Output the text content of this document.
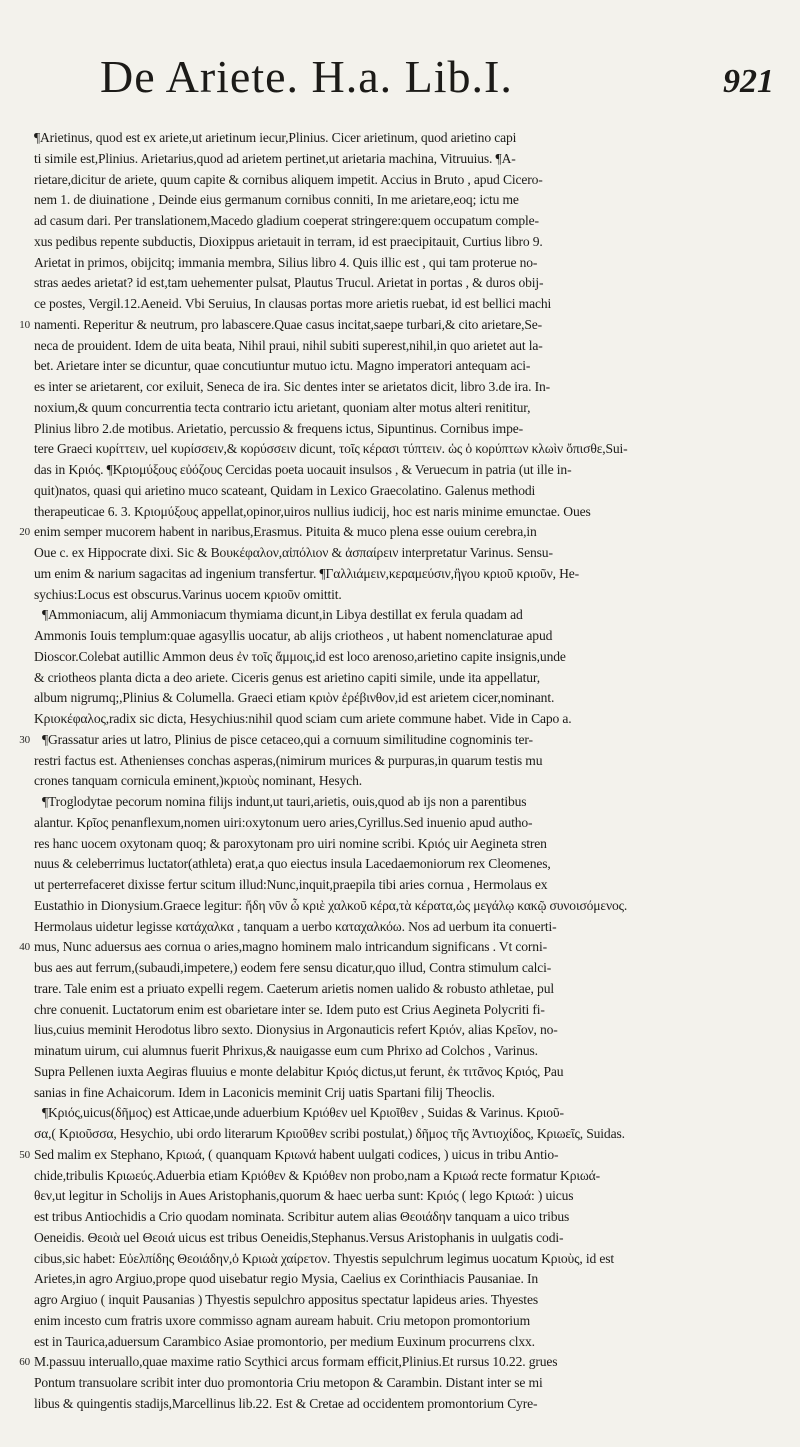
De Ariete. H.a. Lib.I.	921
¶Arietinus, quod est ex ariete,ut arietinum iecur,Plinius. Cicer arietinum, quod arietino capi
ti simile est,Plinius. Arietarius,quod ad arietem pertinet,ut arietaria machina, Vitruuius. ¶A-
rietare,dicitur de ariete, quum capite & cornibus aliquem impetit. Accius in Bruto , apud Cicero-
nem 1. de diuinatione , Deinde eius germanum cornibus conniti, In me arietare,eoq; ictu me
ad casum dari. Per translationem,Macedo gladium coeperat stringere:quem occupatum comple-
xus pedibus repente subductis, Dioxippus arietauit in terram, id est praecipitauit, Curtius libro 9.
Arietat in primos, obijcitq; immania membra, Silius libro 4. Quis illic est , qui tam proterue no-
stras aedes arietat? id est,tam uehementer pulsat, Plautus Trucul. Arietat in portas , & duros obij-
ce postes, Vergil.12.Aeneid. Vbi Seruius, In clausas portas more arietis ruebat, id est bellici machi
10 namenti. Reperitur & neutrum, pro labascere.Quae casus incitat,saepe turbari,& cito arietare,Se-
neca de prouident. Idem de uita beata, Nihil praui, nihil subiti superest,nihil,in quo arietet aut la-
bet. Arietare inter se dicuntur, quae concutiuntur mutuo ictu. Magno imperatori antequam aci-
es inter se arietarent, cor exiluit, Seneca de ira. Sic dentes inter se arietatos dicit, libro 3.de ira. In-
noxium,& quum concurrentia tecta contrario ictu arietant, quoniam alter motus alteri renititur,
Plinius libro 2.de motibus. Arietatio, percussio & frequens ictus, Sipuntinus. Cornibus impe-
tere Graeci κυρίττειν, uel κυρίσσειν,& κορύσσειν dicunt, τοῖς κέρασι τύπτειν. ὡς ὁ κορύπτων κλωὶν ὄπισθε,Sui-
das in Κριός. ¶Κριομύξους εὐόζους Cercidas poeta uocauit insulsos , & Veruecum in patria (ut ille in-
quit)natos, quasi qui arietino muco scateant, Quidam in Lexico Graecolatino. Galenus methodi
therapeuticae 6. 3. Κριομύξους appellat,opinor,uiros nullius iudicij, hoc est naris minime emunctae. Oues
20 enim semper mucorem habent in naribus,Erasmus. Pituita & muco plena esse ouium cerebra,in
Oue c. ex Hippocrate dixi. Sic & Βουκέφαλον,αἰπόλιον & ἀσπαίρειν interpretatur Varinus. Sensu-
um enim & narium sagacitas ad ingenium transfertur. ¶Γαλλιάμειν,κεραμεύσιν,ἢγου κριοῦ κριοῦν, He-
sychius:Locus est obscurus.Varinus uocem κριοῦν omittit.
¶Ammoniacum, alij Ammoniacum thymiama dicunt,in Libya destillat ex ferula quadam ad
Ammonis Iouis templum:quae agasyllis uocatur, ab alijs criotheos , ut habent nomenclaturae apud
Dioscor.Colebat autillic Ammon deus ἐν τοῖς ἄμμοις,id est loco arenoso,arietino capite insignis,unde
& criotheos planta dicta a deo ariete. Ciceris genus est arietino capiti simile, unde ita appellatur,
album nigrumq;,Plinius & Columella. Graeci etiam κριὸν ἐρέβινθον,id est arietem cicer,nominant.
Κριοκέφαλος,radix sic dicta, Hesychius:nihil quod sciam cum ariete commune habet. Vide in Capo a.
30 ¶Grassatur aries ut latro, Plinius de pisce cetaceo,qui a cornuum similitudine cognominis ter-
restri factus est. Athenienses conchas asperas,(nimirum murices & purpuras,in quarum testis mu
crones tanquam cornicula eminent,)κριοὺς nominant, Hesych.
¶Troglodytae pecorum nomina filijs indunt,ut tauri,arietis, ouis,quod ab ijs non a parentibus
alantur. Κρῖος penanflexum,nomen uiri:oxytonum uero aries,Cyrillus.Sed inuenio apud autho-
res hanc uocem oxytonam quoq; & paroxytonam pro uiri nomine scribi. Κριός uir Aegineta stren
nuus & celeberrimus luctator(athleta) erat,a quo eiectus insula Lacedaemoniorum rex Cleomenes,
ut perterrefaceret dixisse fertur scitum illud:Nunc,inquit,praepila tibi aries cornua , Hermolaus ex
Eustathio in Dionysium.Graece legitur: ἤδη νῦν ὦ κριὲ χαλκοῦ κέρα,τὰ κέρατα,ὡς μεγάλῳ κακῷ συνοισόμενος.
Hermolaus uidetur legisse κατάχαλκα , tanquam a uerbo καταχαλκόω. Nos ad uerbum ita conuerti-
40 mus, Nunc aduersus aes cornua o aries,magno hominem malo intricandum significans . Vt corni-
bus aes aut ferrum,(subaudi,impetere,) eodem fere sensu dicatur,quo illud, Contra stimulum calci-
trare. Tale enim est a priuato expelli regem. Caeterum arietis nomen ualido & robusto athletae, pul
chre conuenit. Luctatorum enim est obarietare inter se. Idem puto est Crius Aegineta Polycriti fi-
lius,cuius meminit Herodotus libro sexto. Dionysius in Argonauticis refert Κριόν, alias Κρεῖον, no-
minatum uirum, cui alumnus fuerit Phrixus,& nauigasse eum cum Phrixo ad Colchos , Varinus.
Supra Pellenen iuxta Aegiras fluuius e monte delabitur Κριός dictus,ut ferunt, ἐκ τιτᾶνος Κριός, Pau
sanias in fine Achaicorum. Idem in Laconicis meminit Crij uatis Spartani filij Theoclis.
¶Κριός,uicus(δῆμος) est Atticae,unde aduerbium Κριόθεν uel Κριοῖθεν , Suidas & Varinus. Κριοῦ-
σα,( Κριοῦσσα, Hesychio, ubi ordo literarum Κριοῦθεν scribi postulat,) δῆμος τῆς Ἀντιοχίδος, Κριωεῖς, Suidas.
50 Sed malim ex Stephano, Κριωά, ( quanquam Κριωνά habent uulgati codices, ) uicus in tribu Antio-
chide,tribulis Κριωεύς.Aduerbia etiam Κριόθεν & Κριόθεν non probo,nam a Κριωά recte formatur Κριωά-
θεν,ut legitur in Scholijs in Aues Aristophanis,quorum & haec uerba sunt: Κριός ( lego Κριωά: ) uicus
est tribus Antiochidis a Crio quodam nominata. Scribitur autem alias Θεοιάδην tanquam a uico tribus
Oeneidis. Θεοιὰ uel Θεοιά uicus est tribus Oeneidis,Stephanus.Versus Aristophanis in uulgatis codi-
cibus,sic habet: Εὐελπίδης Θεοιάδην,ὁ Κριωὰ χαίρετον. Thyestis sepulchrum legimus uocatum Κριοὺς, id est
Arietes,in agro Argiuo,prope quod uisebatur regio Mysia, Caelius ex Corinthiacis Pausaniae. In
agro Argiuo ( inquit Pausanias ) Thyestis sepulchro appositus spectatur lapideus aries. Thyestes
enim incesto cum fratris uxore commisso agnam auream habuit. Criu metopon promontorium
est in Taurica,aduersum Carambico Asiae promontorio, per medium Euxinum procurrens clxx.
60 M.passuu interuallo,quae maxime ratio Scythici arcus formam efficit,Plinius.Et rursus 10.22. grues
Pontum transuolare scribit inter duo promontoria Criu metopon & Carambin. Distant inter se mi
libus & quingentis stadijs,Marcellinus lib.22. Est & Cretae ad occidentem promontorium Cyre-
